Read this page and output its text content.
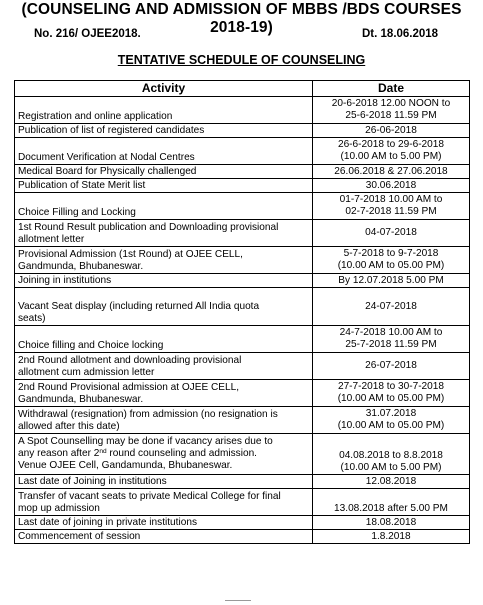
(COUNSELING AND ADMISSION OF MBBS /BDS COURSES 2018-19)
No. 216/ OJEE2018.	Dt. 18.06.2018
TENTATIVE SCHEDULE OF COUNSELING
Activity	Date
Registration and online application	20-6-2018 12.00 NOON to
25-6-2018 11.59 PM
Publication of list of registered candidates	26-06-2018
Document Verification at Nodal Centres	26-6-2018 to 29-6-2018
(10.00 AM to 5.00 PM)
Medical Board for Physically challenged	26.06.2018 & 27.06.2018
Publication of State Merit list	30.06.2018
Choice Filling and Locking	01-7-2018 10.00 AM to
02-7-2018 11.59 PM
1st Round Result publication and Downloading provisional
allotment letter	04-07-2018
Provisional Admission (1st Round) at OJEE CELL,
Gandmunda, Bhubaneswar.	5-7-2018 to 9-7-2018
(10.00 AM to 05.00 PM)
Joining in institutions	By 12.07.2018 5.00 PM
Vacant Seat display (including returned All India quota
seats)	24-07-2018
Choice filling and Choice locking	24-7-2018 10.00 AM to
25-7-2018 11.59 PM
2nd Round allotment and downloading provisional
allotment cum admission letter	26-07-2018
2nd Round Provisional admission at OJEE CELL,
Gandmunda, Bhubaneswar.	27-7-2018 to 30-7-2018
(10.00 AM to 05.00 PM)
Withdrawal (resignation) from admission (no resignation is
allowed after this date)	31.07.2018
(10.00 AM to 05.00 PM)
A Spot Counselling may be done if vacancy arises due to
any reason after 2nd round counseling and admission.
Venue OJEE Cell, Gandamunda, Bhubaneswar.	04.08.2018 to 8.8.2018
(10.00 AM to 5.00 PM)
Last date of Joining in institutions	12.08.2018
Transfer of vacant seats to private Medical College for final
mop up admission	13.08.2018 after 5.00 PM
Last date of joining in private institutions	18.08.2018
Commencement of session	1.8.2018
